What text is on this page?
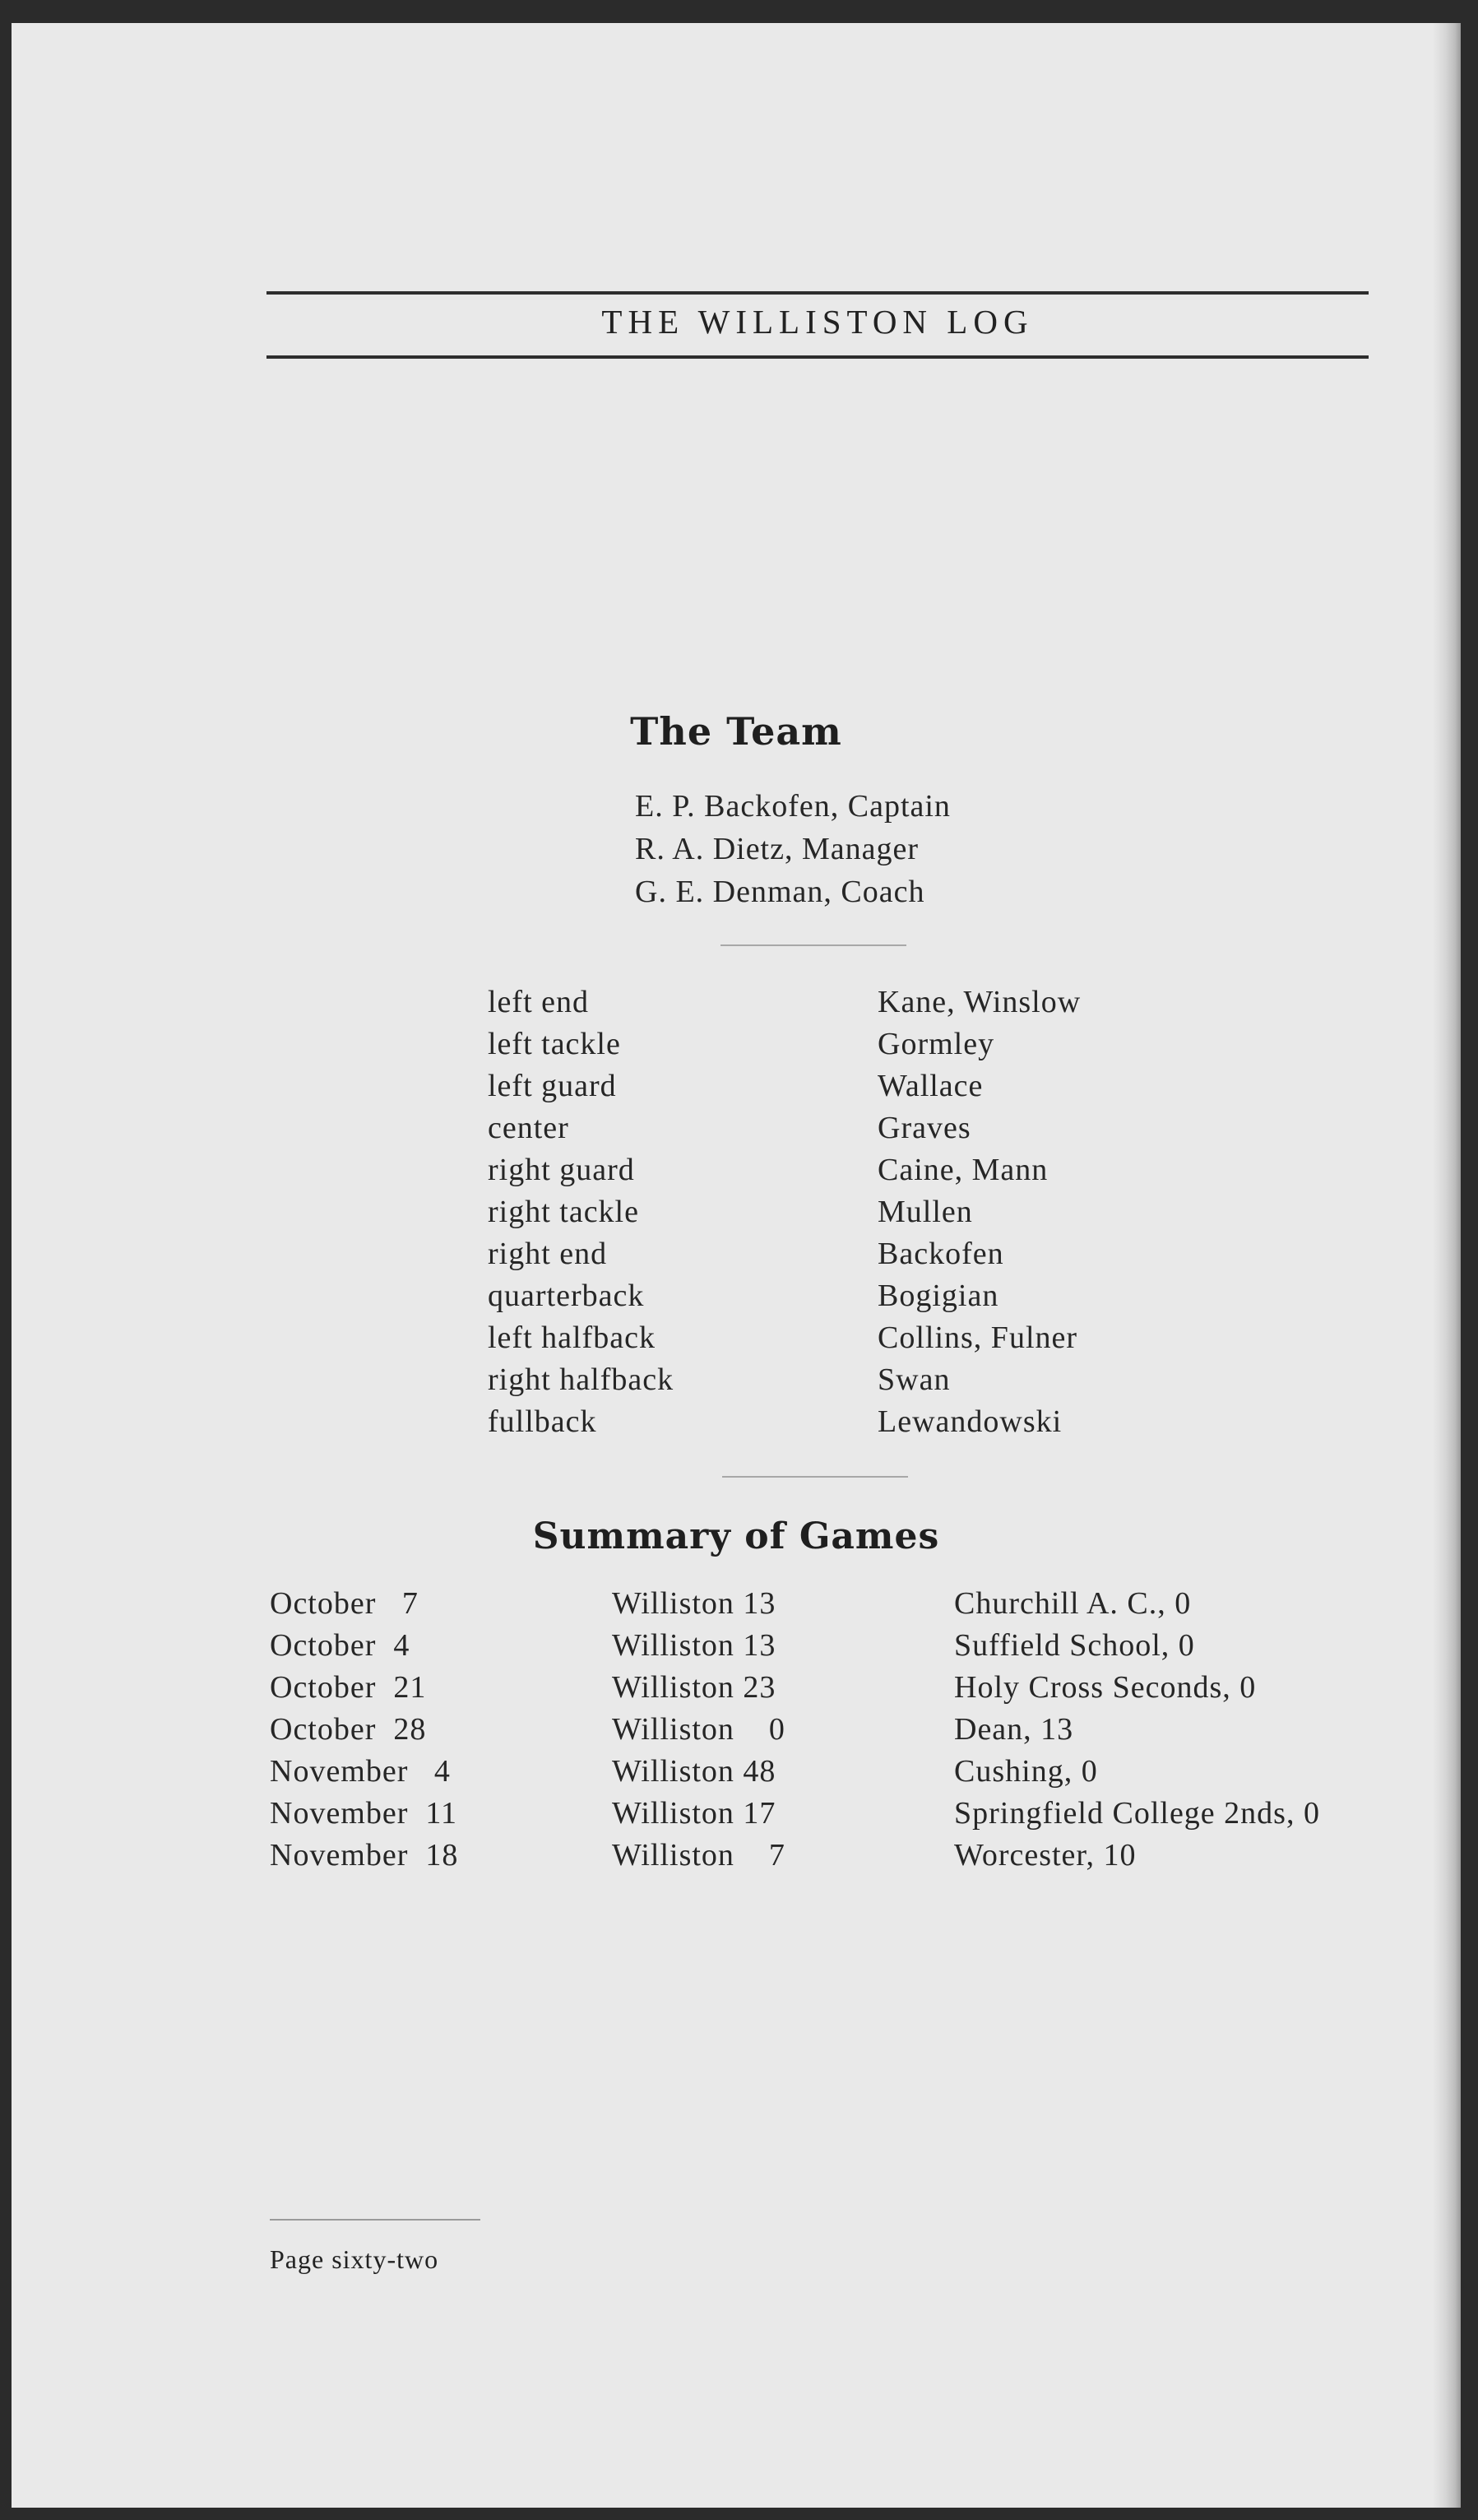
THE WILLISTON LOG
The Team
E. P. Backofen, Captain
R. A. Dietz, Manager
G. E. Denman, Coach
left end	Kane, Winslow
left tackle	Gormley
left guard	Wallace
center	Graves
right guard	Caine, Mann
right tackle	Mullen
right end	Backofen
quarterback	Bogigian
left halfback	Collins, Fulner
right halfback	Swan
fullback	Lewandowski
Summary of Games
October   7	Williston 13	Churchill A. C., 0
October  4	Williston 13	Suffield School, 0
October  21	Williston 23	Holy Cross Seconds, 0
October  28	Williston    0	Dean, 13
November   4	Williston 48	Cushing, 0
November  11	Williston 17	Springfield College 2nds, 0
November  18	Williston    7	Worcester, 10
Page sixty-two
